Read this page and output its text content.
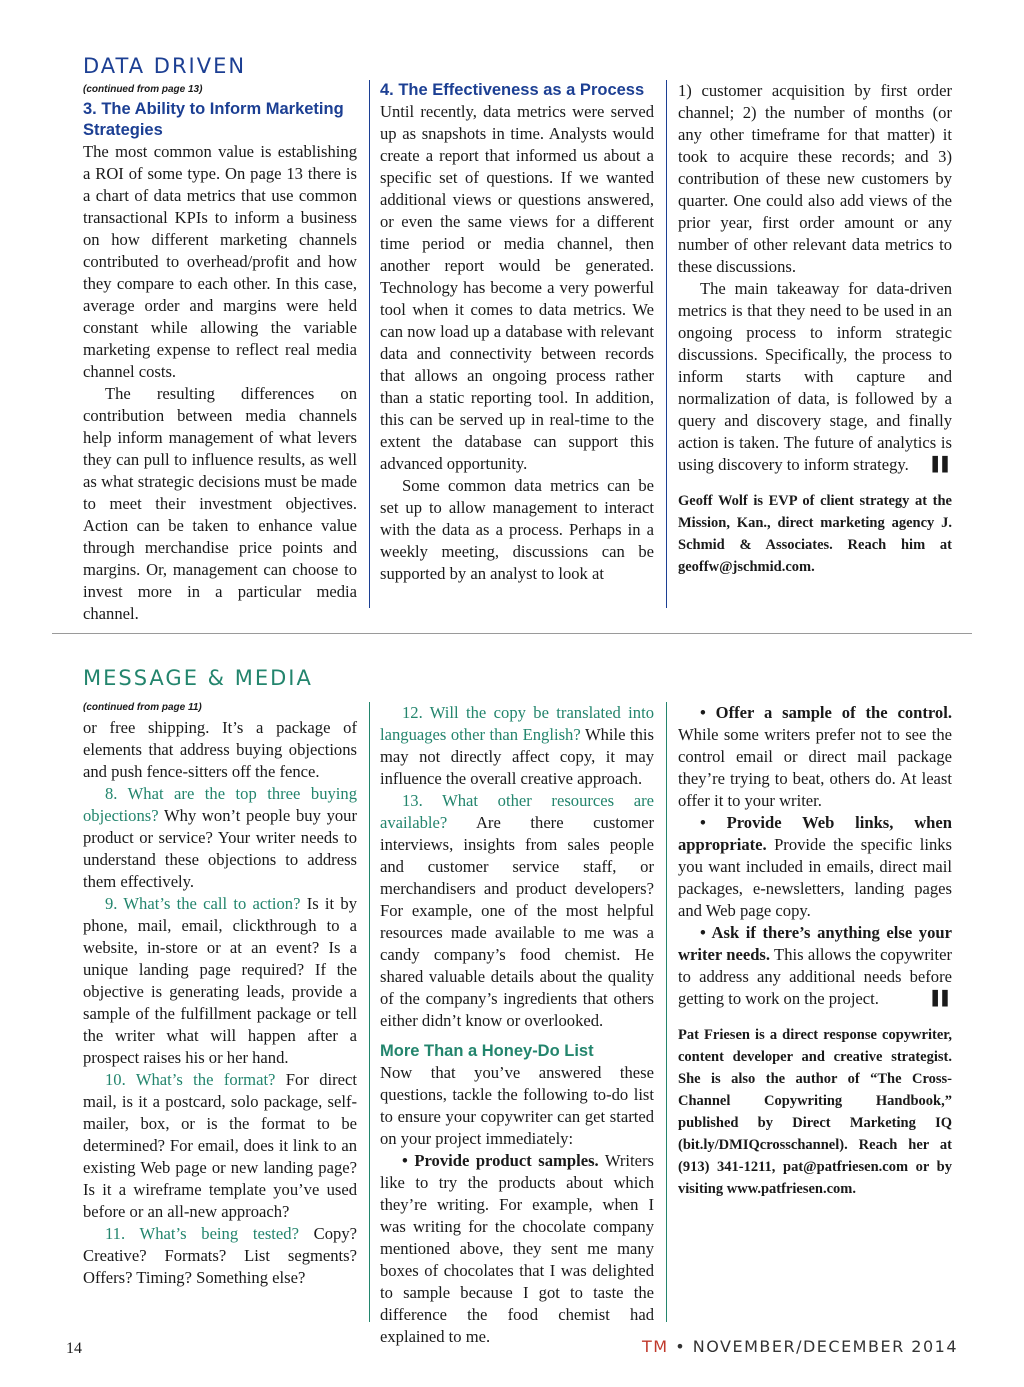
DATA DRIVEN
(continued from page 13)
3. The Ability to Inform Marketing Strategies

The most common value is establishing a ROI of some type. On page 13 there is a chart of data metrics that use common transactional KPIs to inform a business on how different marketing channels contributed to overhead/profit and how they compare to each other. In this case, average order and margins were held constant while allowing the variable marketing expense to reflect real media channel costs.

The resulting differences on contribution between media channels help inform management of what levers they can pull to influence results, as well as what strategic decisions must be made to meet their investment objectives. Action can be taken to enhance value through merchandise price points and margins. Or, management can choose to invest more in a particular media channel.

4. The Effectiveness as a Process

Until recently, data metrics were served up as snapshots in time. Analysts would create a report that informed us about a specific set of questions. If we wanted additional views or questions answered, or even the same views for a different time period or media channel, then another report would be generated. Technology has become a very powerful tool when it comes to data metrics. We can now load up a database with relevant data and connectivity between records that allows an ongoing process rather than a static reporting tool. In addition, this can be served up in real-time to the extent the database can support this advanced opportunity.

Some common data metrics can be set up to allow management to interact with the data as a process. Perhaps in a weekly meeting, discussions can be supported by an analyst to look at

1) customer acquisition by first order channel; 2) the number of months (or any other timeframe for that matter) it took to acquire these records; and 3) contribution of these new customers by quarter. One could also add views of the prior year, first order amount or any number of other relevant data metrics to these discussions.

The main takeaway for data-driven metrics is that they need to be used in an ongoing process to inform strategic discussions. Specifically, the process to inform starts with capture and normalization of data, is followed by a query and discovery stage, and finally action is taken. The future of analytics is using discovery to inform strategy.	▌▌

Geoff Wolf is EVP of client strategy at the Mission, Kan., direct marketing agency J. Schmid & Associates. Reach him at geoffw@jschmid.com.

MESSAGE & MEDIA
(continued from page 11)

or free shipping. It’s a package of elements that address buying objections and push fence-sitters off the fence.

8. What are the top three buying objections? Why won’t people buy your product or service? Your writer needs to understand these objections to address them effectively.

9. What’s the call to action? Is it by phone, mail, email, clickthrough to a website, in-store or at an event? Is a unique landing page required? If the objective is generating leads, provide a sample of the fulfillment package or tell the writer what will happen after a prospect raises his or her hand.

10. What’s the format? For direct mail, is it a postcard, solo package, self-mailer, box, or is the format to be determined? For email, does it link to an existing Web page or new landing page? Is it a wireframe template you’ve used before or an all-new approach?

11. What’s being tested? Copy? Creative? Formats? List segments? Offers? Timing? Something else?

12. Will the copy be translated into languages other than English? While this may not directly affect copy, it may influence the overall creative approach.

13. What other resources are available? Are there customer interviews, insights from sales people and customer service staff, or merchandisers and product developers? For example, one of the most helpful resources made available to me was a candy company’s food chemist. He shared valuable details about the quality of the company’s ingredients that others either didn’t know or overlooked.

More Than a Honey-Do List

Now that you’ve answered these questions, tackle the following to-do list to ensure your copywriter can get started on your project immediately:

• Provide product samples. Writers like to try the products about which they’re writing. For example, when I was writing for the chocolate company mentioned above, they sent me many boxes of chocolates that I was delighted to sample because I got to taste the difference the food chemist had explained to me.

• Offer a sample of the control. While some writers prefer not to see the control email or direct mail package they’re trying to beat, others do. At least offer it to your writer.

• Provide Web links, when appropriate. Provide the specific links you want included in emails, direct mail packages, e-newsletters, landing pages and Web page copy.

• Ask if there’s anything else your writer needs. This allows the copywriter to address any additional needs before getting to work on the project.	▌▌

Pat Friesen is a direct response copywriter, content developer and creative strategist. She is also the author of “The Cross-Channel Copywriting Handbook,” published by Direct Marketing IQ (bit.ly/DMIQcrosschannel). Reach her at (913) 341-1211, pat@patfriesen.com or by visiting www.patfriesen.com.

14	TM • NOVEMBER/DECEMBER 2014
